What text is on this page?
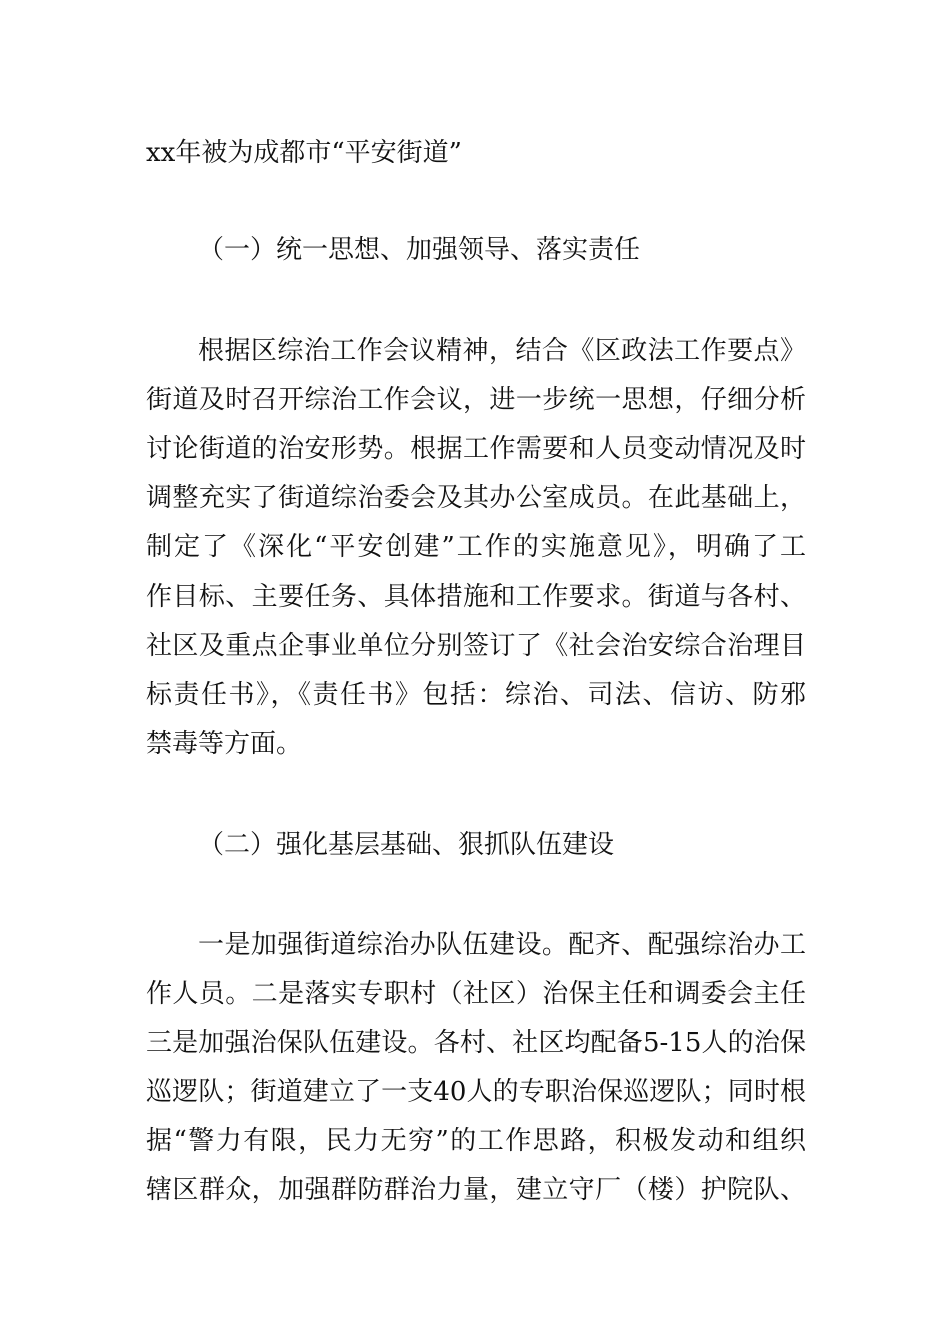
xx年被为成都市“平安街道”
（一）统一思想、加强领导、落实责任
根据区综治工作会议精神，结合《区政法工作要点》
街道及时召开综治工作会议，进一步统一思想，仔细分析
讨论街道的治安形势。根据工作需要和人员变动情况及时
调整充实了街道综治委会及其办公室成员。在此基础上，
制定了《深化“平安创建”工作的实施意见》，明确了工
作目标、主要任务、具体措施和工作要求。街道与各村、
社区及重点企事业单位分别签订了《社会治安综合治理目
标责任书》，《责任书》包括：综治、司法、信访、防邪
禁毒等方面。
（二）强化基层基础、狠抓队伍建设
一是加强街道综治办队伍建设。配齐、配强综治办工
作人员。二是落实专职村（社区）治保主任和调委会主任
三是加强治保队伍建设。各村、社区均配备5-15人的治保
巡逻队；街道建立了一支40人的专职治保巡逻队；同时根
据“警力有限，民力无穷”的工作思路，积极发动和组织
辖区群众，加强群防群治力量，建立守厂（楼）护院队、
